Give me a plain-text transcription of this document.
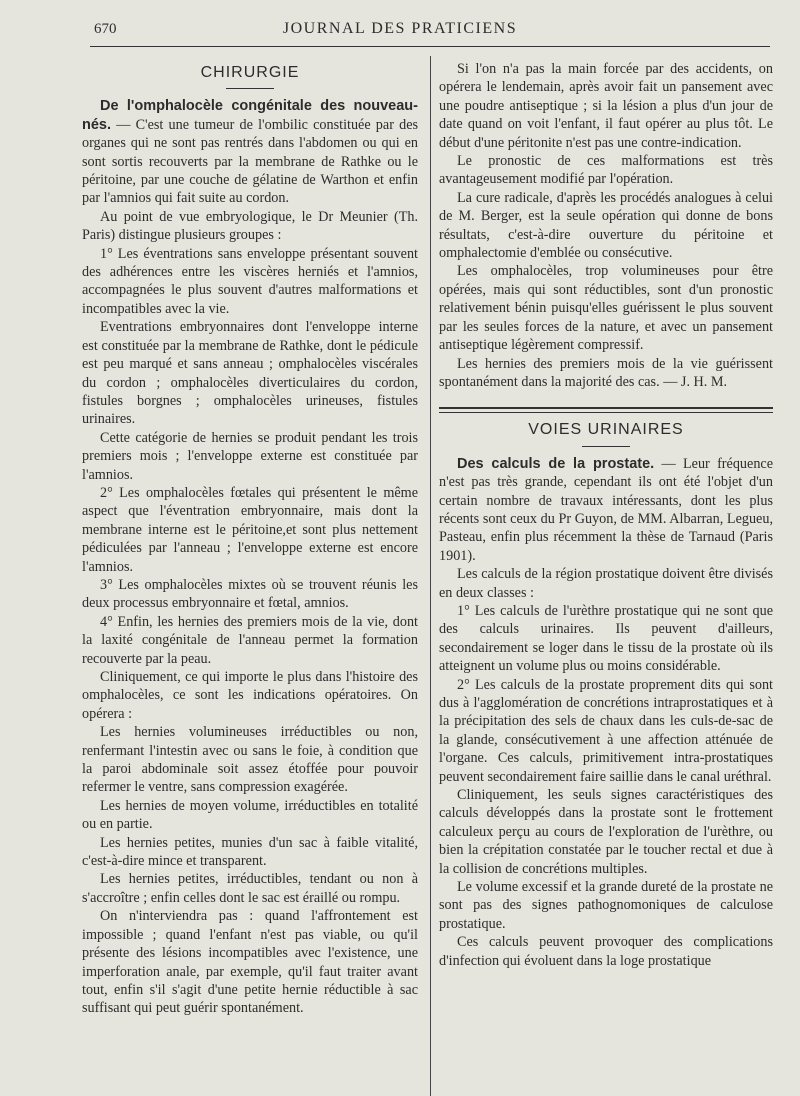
670	JOURNAL DES PRATICIENS
CHIRURGIE

De l'omphalocèle congénitale des nouveau-nés. — C'est une tumeur de l'ombilic constituée par des organes qui ne sont pas rentrés dans l'abdomen ou qui en sont sortis recouverts par la membrane de Rathke ou le péritoine, par une couche de gélatine de Warthon et enfin par l'amnios qui fait suite au cordon.

Au point de vue embryologique, le Dr Meunier (Th. Paris) distingue plusieurs groupes :

1° Les éventrations sans enveloppe présentant souvent des adhérences entre les viscères herniés et l'amnios, accompagnées le plus souvent d'autres malformations et incompatibles avec la vie.

Eventrations embryonnaires dont l'enveloppe interne est constituée par la membrane de Rathke, dont le pédicule est peu marqué et sans anneau ; omphalocèles viscérales du cordon ; omphalocèles diverticulaires du cordon, fistules borgnes ; omphalocèles urineuses, fistules urinaires.

Cette catégorie de hernies se produit pendant les trois premiers mois ; l'enveloppe externe est constituée par l'amnios.

2° Les omphalocèles fœtales qui présentent le même aspect que l'éventration embryonnaire, mais dont la membrane interne est le péritoine,et sont plus nettement pédiculées par l'anneau ; l'enveloppe externe est encore l'amnios.

3° Les omphalocèles mixtes où se trouvent réunis les deux processus embryonnaire et fœtal, amnios.

4° Enfin, les hernies des premiers mois de la vie, dont la laxité congénitale de l'anneau permet la formation recouverte par la peau.

Cliniquement, ce qui importe le plus dans l'histoire des omphalocèles, ce sont les indications opératoires. On opérera :

Les hernies volumineuses irréductibles ou non, renfermant l'intestin avec ou sans le foie, à condition que la paroi abdominale soit assez étoffée pour pouvoir refermer le ventre, sans compression exagérée.

Les hernies de moyen volume, irréductibles en totalité ou en partie.

Les hernies petites, munies d'un sac à faible vitalité, c'est-à-dire mince et transparent.

Les hernies petites, irréductibles, tendant ou non à s'accroître ; enfin celles dont le sac est éraillé ou rompu.

On n'interviendra pas : quand l'affrontement est impossible ; quand l'enfant n'est pas viable, ou qu'il présente des lésions incompatibles avec l'existence, une imperforation anale, par exemple, qu'il faut traiter avant tout, enfin s'il s'agit d'une petite hernie réductible à sac suffisant qui peut guérir spontanément.

Si l'on n'a pas la main forcée par des accidents, on opérera le lendemain, après avoir fait un pansement avec une poudre antiseptique ; si la lésion a plus d'un jour de date quand on voit l'enfant, il faut opérer au plus tôt. Le début d'une péritonite n'est pas une contre-indication.

Le pronostic de ces malformations est très avantageusement modifié par l'opération.

La cure radicale, d'après les procédés analogues à celui de M. Berger, est la seule opération qui donne de bons résultats, c'est-à-dire ouverture du péritoine et omphalectomie d'emblée ou consécutive.

Les omphalocèles, trop volumineuses pour être opérées, mais qui sont réductibles, sont d'un pronostic relativement bénin puisqu'elles guérissent le plus souvent par les seules forces de la nature, et avec un pansement antiseptique légèrement compressif.

Les hernies des premiers mois de la vie guérissent spontanément dans la majorité des cas. — J. H. M.

VOIES URINAIRES

Des calculs de la prostate. — Leur fréquence n'est pas très grande, cependant ils ont été l'objet d'un certain nombre de travaux intéressants, dont les plus récents sont ceux du Pr Guyon, de MM. Albarran, Legueu, Pasteau, enfin plus récemment la thèse de Tarnaud (Paris 1901).

Les calculs de la région prostatique doivent être divisés en deux classes :

1° Les calculs de l'urèthre prostatique qui ne sont que des calculs urinaires. Ils peuvent d'ailleurs, secondairement se loger dans le tissu de la prostate où ils atteignent un volume plus ou moins considérable.

2° Les calculs de la prostate proprement dits qui sont dus à l'agglomération de concrétions intraprostatiques et à la précipitation des sels de chaux dans les culs-de-sac de la glande, consécutivement à une affection atténuée de l'organe. Ces calculs, primitivement intra-prostatiques peuvent secondairement faire saillie dans le canal uréthral.

Cliniquement, les seuls signes caractéristiques des calculs développés dans la prostate sont le frottement calculeux perçu au cours de l'exploration de l'urèthre, ou bien la crépitation constatée par le toucher rectal et due à la collision de concrétions multiples.

Le volume excessif et la grande dureté de la prostate ne sont pas des signes pathognomoniques de calculose prostatique.

Ces calculs peuvent provoquer des complications d'infection qui évoluent dans la loge prostatique
